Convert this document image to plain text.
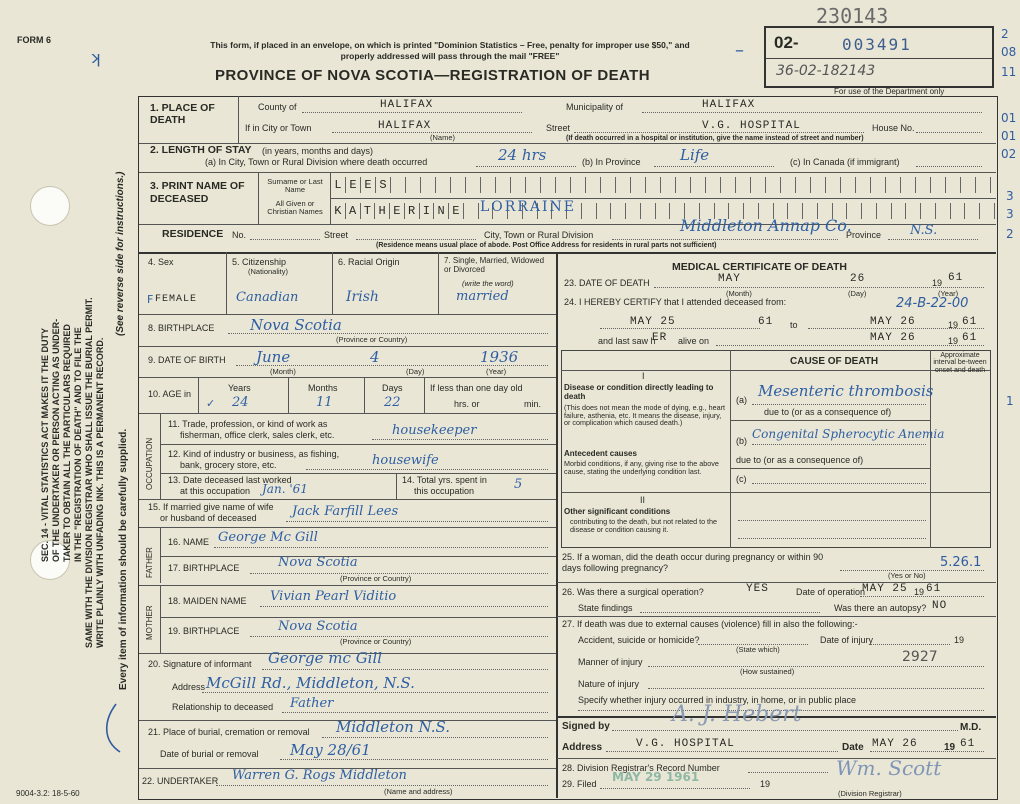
FORM 6
ʞ
SEC. 14 - VITAL STATISTICS ACT MAKES IT THE DUTY OF THE UNDERTAKER OR PERSON ACTING AS UNDER- TAKER TO OBTAIN ALL THE PARTICULARS REQUIRED IN THE "REGISTRATION OF DEATH" AND TO FILE THE SAME WITH THE DIVISION REGISTRAR WHO SHALL ISSUE THE BURIAL PERMIT. WRITE PLAINLY WITH UNFADING INK. THIS IS A PERMANENT RECORD.
(See reverse side for instructions.)
Every item of information should be carefully supplied.
9004-3.2: 18-5-60
1
This form, if placed in an envelope, on which is printed "Dominion Statistics – Free, penalty for improper use $50," and properly addressed will pass through the mail "FREE"
PROVINCE OF NOVA SCOTIA—REGISTRATION OF DEATH
230143
– 02-	003491
36-02-182143
For use of the Department only
2
08
11
01
01
02
3
3
2
1. PLACE OF DEATH
County of	HALIFAX	Municipality of	HALIFAX
If in City or Town	HALIFAX
(Name)
Street	V.G. HOSPITAL	House No.
(If death occurred in a hospital or institution, give the name instead of street and number)
2. LENGTH OF STAY (in years, months and days)
(a) In City, Town or Rural Division where death occurred	24 hrs	(b) In Province	Life	(c) In Canada (if immigrant)
3. PRINT NAME OF DECEASED
Surname or Last Name
All Given or Christian Names
L E E S
K A T H E R I N E	LORRAINE
RESIDENCE No.	Street	City, Town or Rural Division	Middleton Annap Co.
Province N.S.
(Residence means usual place of abode. Post Office Address for residents in rural parts not sufficient)
4. Sex	5. Citizenship
(Nationality)
6. Racial Origin	7. Single, Married, Widowed or Divorced
(write the word)
F FEMALE	Canadian	Irish	married
8. BIRTHPLACE Nova Scotia
(Province or Country)
9. DATE OF BIRTH June	4	1936
(Month)	(Day)	(Year)
10. AGE in
✓
Years
24
Months
11
Days
22
If less than one day old
hrs. or	min.
OCCUPATION
11. Trade, profession, or kind of work as
fisherman, office clerk, sales clerk, etc.	housekeeper
12. Kind of industry or business, as fishing,
bank, grocery store, etc.	housewife
13. Date deceased last worked
at this occupation Jan. '61
14. Total yrs. spent in
this occupation	5
15. If married give name of wife
or husband of deceased	Jack Farfill Lees
FATHER
16. NAME George Mc Gill
17. BIRTHPLACE	Nova Scotia
(Province or Country)
MOTHER
18. MAIDEN NAME Vivian Pearl Viditio
19. BIRTHPLACE	Nova Scotia
(Province or Country)
20. Signature of informant George mc Gill
Address McGill Rd., Middleton, N.S.
Relationship to deceased Father
21. Place of burial, cremation or removal Middleton N.S.
Date of burial or removal May 28/61
22. UNDERTAKER Warren G. Rogs Middleton
(Name and address)
MEDICAL CERTIFICATE OF DEATH
23. DATE OF DEATH	MAY	26	19 61
(Month)	(Day)	(Year)
24. I HEREBY CERTIFY that I attended deceased from:	24-B-22-00
MAY 25	61 to	MAY 26	19 61
and last saw h
ER alive on	MAY 26	19 61
CAUSE OF DEATH
Approximate interval be-tween onset and death
I
Disease or condition directly leading to death
(This does not mean the mode of dying, e.g., heart failure, asthenia, etc. It means the disease, injury, or complication which caused death.)
(a) Mesenteric thrombosis
due to (or as a consequence of)
(b) Congenital Spherocytic Anemia
due to (or as a consequence of)
Antecedent causes
Morbid conditions, if any, giving rise to the above cause, stating the underlying condition last.
(c)
II
Other significant conditions
contributing to the death, but not related to the disease or condition causing it.
25. If a woman, did the death occur during pregnancy or within 90 days following pregnancy?	5.26.1
(Yes or No)
26. Was there a surgical operation?	YES	Date of operation
MAY 25 19 61
State findings	Was there an autopsy? NO
27. If death was due to external causes (violence) fill in also the following:-
Accident, suicide or homicide?	Date of injury	19
(State which)
Manner of injury	2927
(How sustained)
Nature of injury
Specify whether injury occurred in industry, in home, or in public place
Signed by	A. J. Hebert
M.D.
Address	V.G. HOSPITAL	Date MAY 26	19 61
28. Division Registrar's Record Number
29. Filed MAY 29 1961	19
Wm. Scott
(Division Registrar)
